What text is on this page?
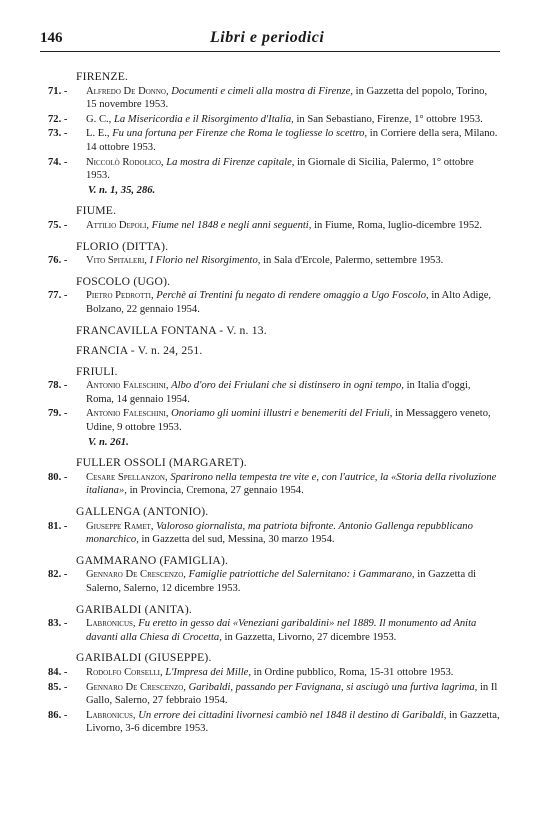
146	Libri e periodici
FIRENZE.
71. -	Alfredo De Donno, Documenti e cimeli alla mostra di Firenze, in Gazzetta del popolo, Torino, 15 novembre 1953.
72. -	G. C., La Misericordia e il Risorgimento d'Italia, in San Sebastiano, Firenze, 1° ottobre 1953.
73. -	L. E., Fu una fortuna per Firenze che Roma le togliesse lo scettro, in Corriere della sera, Milano. 14 ottobre 1953.
74. -	Niccolò Rodolico, La mostra di Firenze capitale, in Giornale di Sicilia, Palermo, 1° ottobre 1953.
V. n. 1, 35, 286.
FIUME.
75. -	Attilio Depoli, Fiume nel 1848 e negli anni seguenti, in Fiume, Roma, luglio-dicembre 1952.
FLORIO (DITTA).
76. -	Vito Spitaleri, I Florio nel Risorgimento, in Sala d'Ercole, Palermo, settembre 1953.
FOSCOLO (UGO).
77. -	Pietro Pedrotti, Perchè ai Trentini fu negato di rendere omaggio a Ugo Foscolo, in Alto Adige, Bolzano, 22 gennaio 1954.
FRANCAVILLA FONTANA - V. n. 13.
FRANCIA - V. n. 24, 251.
FRIULI.
78. -	Antonio Faleschini, Albo d'oro dei Friulani che si distinsero in ogni tempo, in Italia d'oggi, Roma, 14 gennaio 1954.
79. -	Antonio Faleschini, Onoriamo gli uomini illustri e benemeriti del Friuli, in Messaggero veneto, Udine, 9 ottobre 1953.
V. n. 261.
FULLER OSSOLI (MARGARET).
80. -	Cesare Spellanzon, Sparirono nella tempesta tre vite e, con l'autrice, la «Storia della rivoluzione italiana», in Provincia, Cremona, 27 gennaio 1954.
GALLENGA (ANTONIO).
81. -	Giuseppe Ramet, Valoroso giornalista, ma patriota bifronte. Antonio Gallenga repubblicano monarchico, in Gazzetta del sud, Messina, 30 marzo 1954.
GAMMARANO (FAMIGLIA).
82. -	Gennaro De Crescenzo, Famiglie patriottiche del Salernitano: i Gammarano, in Gazzetta di Salerno, Salerno, 12 dicembre 1953.
GARIBALDI (ANITA).
83. -	Labronicus, Fu eretto in gesso dai «Veneziani garibaldini» nel 1889. Il monumento ad Anita davanti alla Chiesa di Crocetta, in Gazzetta, Livorno, 27 dicembre 1953.
GARIBALDI (GIUSEPPE).
84. -	Rodolfo Corselli, L'Impresa dei Mille, in Ordine pubblico, Roma, 15-31 ottobre 1953.
85. -	Gennaro De Crescenzo, Garibaldi, passando per Favignana, si asciugò una furtiva lagrima, in Il Gallo, Salerno, 27 febbraio 1954.
86. -	Labronicus, Un errore dei cittadini livornesi cambiò nel 1848 il destino di Garibaldi, in Gazzetta, Livorno, 3-6 dicembre 1953.
